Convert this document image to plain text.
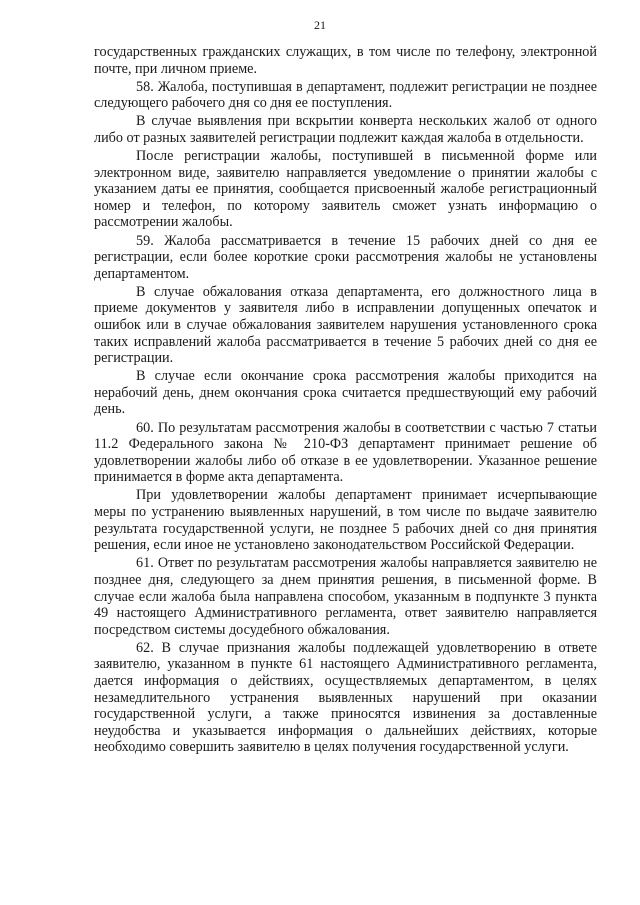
21

государственных гражданских служащих, в том числе по телефону, электронной почте, при личном приеме.

58. Жалоба, поступившая в департамент, подлежит регистрации не позднее следующего рабочего дня со дня ее поступления.

В случае выявления при вскрытии конверта нескольких жалоб от одного либо от разных заявителей регистрации подлежит каждая жалоба в отдельности.

После регистрации жалобы, поступившей в письменной форме или электронном виде, заявителю направляется уведомление о принятии жалобы с указанием даты ее принятия, сообщается присвоенный жалобе регистрационный номер и телефон, по которому заявитель сможет узнать информацию о рассмотрении жалобы.

59. Жалоба рассматривается в течение 15 рабочих дней со дня ее регистрации, если более короткие сроки рассмотрения жалобы не установлены департаментом.

В случае обжалования отказа департамента, его должностного лица в приеме документов у заявителя либо в исправлении допущенных опечаток и ошибок или в случае обжалования заявителем нарушения установленного срока таких исправлений жалоба рассматривается в течение 5 рабочих дней со дня ее регистрации.

В случае если окончание срока рассмотрения жалобы приходится на нерабочий день, днем окончания срока считается предшествующий ему рабочий день.

60. По результатам рассмотрения жалобы в соответствии с частью 7 статьи 11.2 Федерального закона № 210-ФЗ департамент принимает решение об удовлетворении жалобы либо об отказе в ее удовлетворении. Указанное решение принимается в форме акта департамента.

При удовлетворении жалобы департамент принимает исчерпывающие меры по устранению выявленных нарушений, в том числе по выдаче заявителю результата государственной услуги, не позднее 5 рабочих дней со дня принятия решения, если иное не установлено законодательством Российской Федерации.

61. Ответ по результатам рассмотрения жалобы направляется заявителю не позднее дня, следующего за днем принятия решения, в письменной форме. В случае если жалоба была направлена способом, указанным в подпункте 3 пункта 49 настоящего Административного регламента, ответ заявителю направляется посредством системы досудебного обжалования.

62. В случае признания жалобы подлежащей удовлетворению в ответе заявителю, указанном в пункте 61 настоящего Административного регламента, дается информация о действиях, осуществляемых департаментом, в целях незамедлительного устранения выявленных нарушений при оказании государственной услуги, а также приносятся извинения за доставленные неудобства и указывается информация о дальнейших действиях, которые необходимо совершить заявителю в целях получения государственной услуги.
